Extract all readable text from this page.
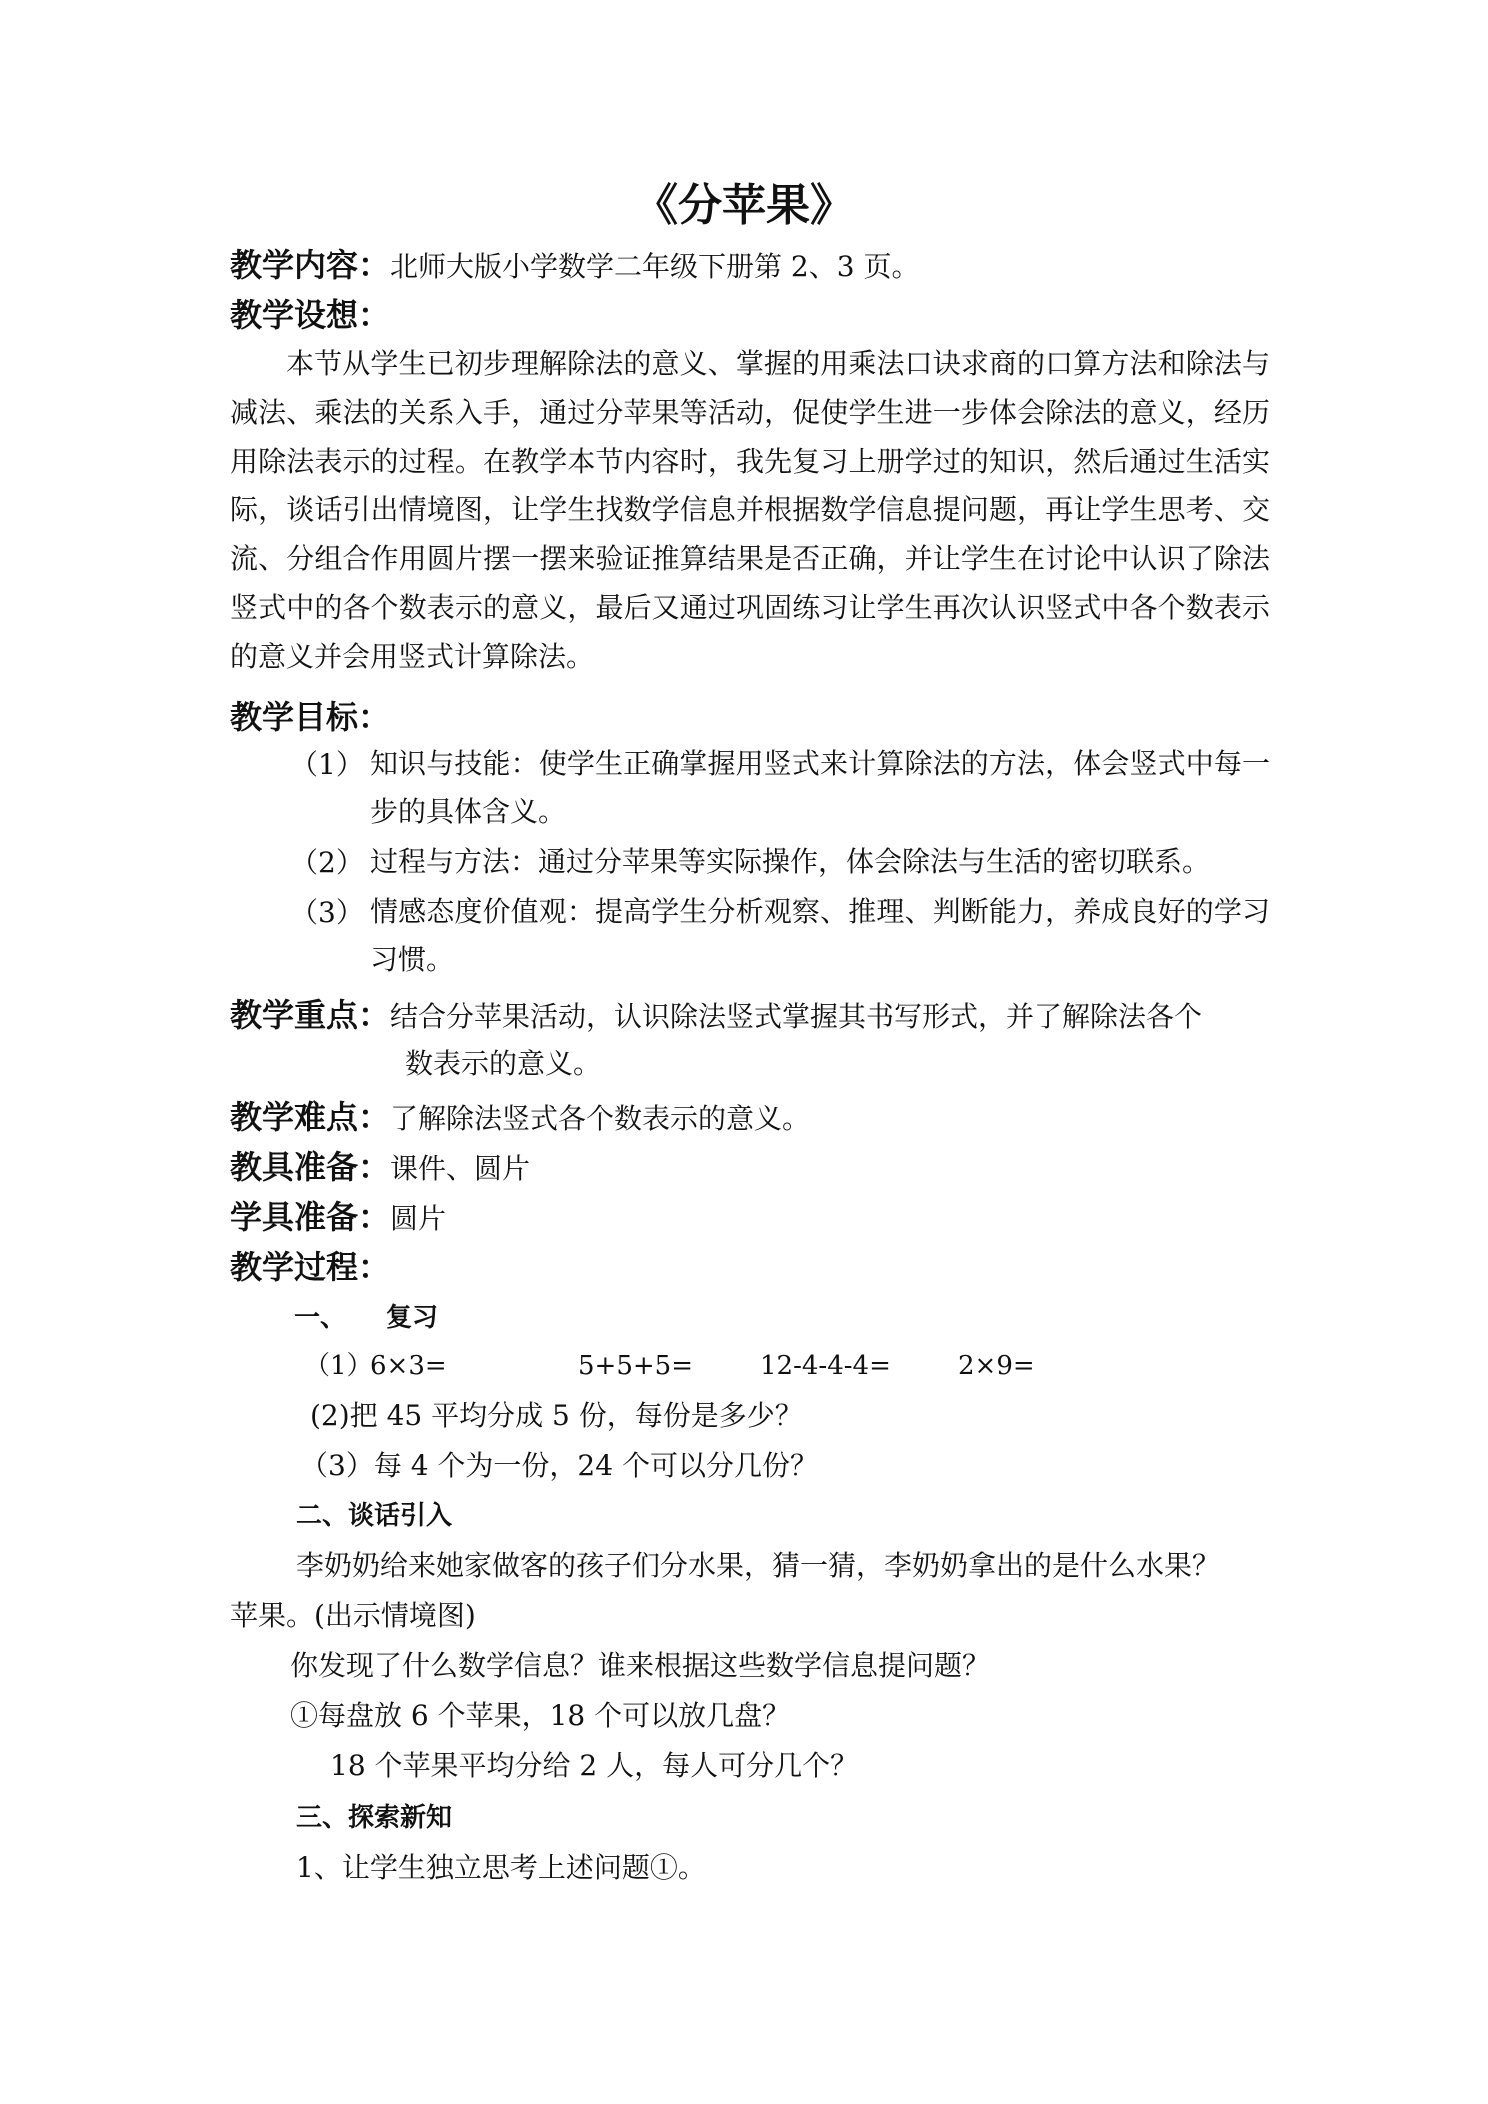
《分苹果》
教学内容：北师大版小学数学二年级下册第 2、3 页。
教学设想：
本节从学生已初步理解除法的意义、掌握的用乘法口诀求商的口算方法和除法与减法、乘法的关系入手，通过分苹果等活动，促使学生进一步体会除法的意义，经历用除法表示的过程。在教学本节内容时，我先复习上册学过的知识，然后通过生活实际，谈话引出情境图，让学生找数学信息并根据数学信息提问题，再让学生思考、交流、分组合作用圆片摆一摆来验证推算结果是否正确，并让学生在讨论中认识了除法竖式中的各个数表示的意义，最后又通过巩固练习让学生再次认识竖式中各个数表示的意义并会用竖式计算除法。
教学目标：
（1） 知识与技能：使学生正确掌握用竖式来计算除法的方法，体会竖式中每一步的具体含义。
（2） 过程与方法：通过分苹果等实际操作，体会除法与生活的密切联系。
（3） 情感态度价值观：提高学生分析观察、推理、判断能力，养成良好的学习习惯。
教学重点：结合分苹果活动，认识除法竖式掌握其书写形式，并了解除法各个
数表示的意义。
教学难点：了解除法竖式各个数表示的意义。
教具准备：课件、圆片
学具准备：圆片
教学过程：
一、 复习
（1）
6×3=	5+5+5=	12-4-4-4=	2×9=
(2)把 45 平均分成 5 份，每份是多少？
（3）每 4 个为一份，24 个可以分几份？
二、谈话引入
李奶奶给来她家做客的孩子们分水果，猜一猜，李奶奶拿出的是什么水果？
苹果。(出示情境图)
你发现了什么数学信息？谁来根据这些数学信息提问题？
①每盘放 6 个苹果，18 个可以放几盘？
18 个苹果平均分给 2 人，每人可分几个？
三、探索新知
1、让学生独立思考上述问题①。
